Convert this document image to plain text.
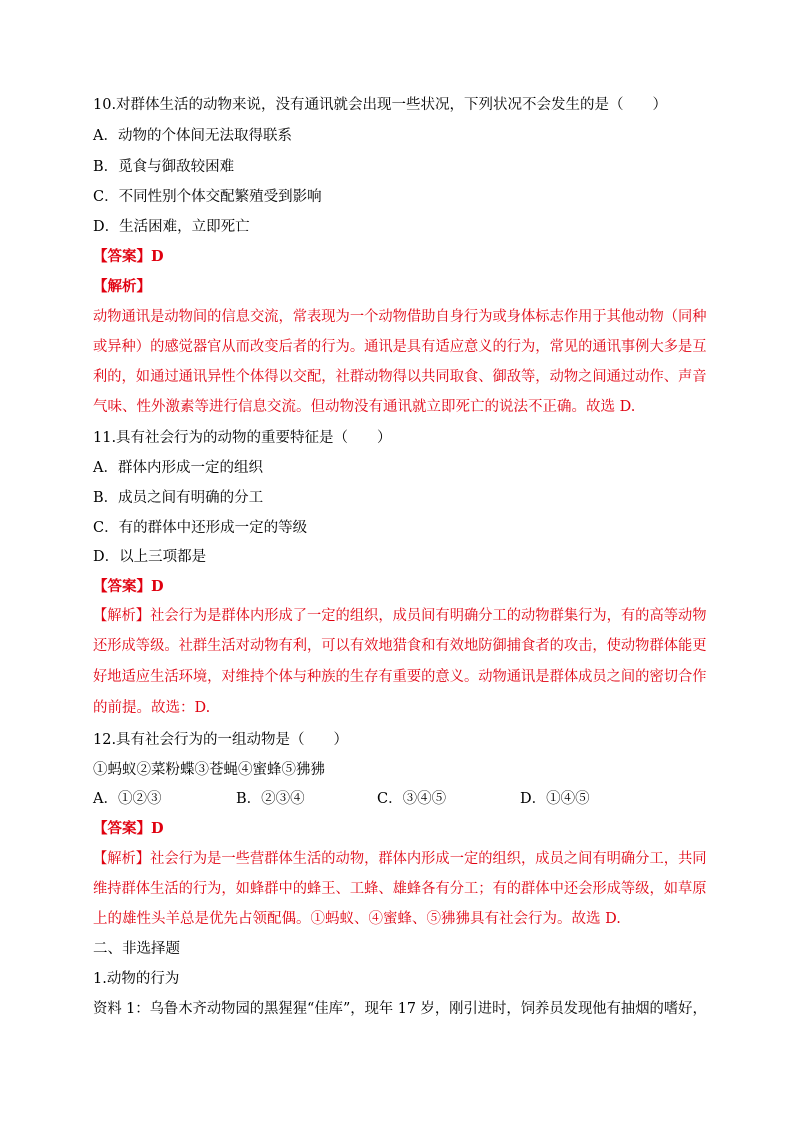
10.对群体生活的动物来说，没有通讯就会出现一些状况，下列状况不会发生的是（　　）
A．动物的个体间无法取得联系
B．觅食与御敌较困难
C．不同性别个体交配繁殖受到影响
D．生活困难，立即死亡
【答案】D
【解析】
动物通讯是动物间的信息交流，常表现为一个动物借助自身行为或身体标志作用于其他动物（同种
或异种）的感觉器官从而改变后者的行为。通讯是具有适应意义的行为，常见的通讯事例大多是互
利的，如通过通讯异性个体得以交配，社群动物得以共同取食、御敌等，动物之间通过动作、声音
气味、性外激素等进行信息交流。但动物没有通讯就立即死亡的说法不正确。故选 D.
11.具有社会行为的动物的重要特征是（　　）
A．群体内形成一定的组织
B．成员之间有明确的分工
C．有的群体中还形成一定的等级
D．以上三项都是
【答案】D
【解析】社会行为是群体内形成了一定的组织，成员间有明确分工的动物群集行为，有的高等动物
还形成等级。社群生活对动物有利，可以有效地猎食和有效地防御捕食者的攻击，使动物群体能更
好地适应生活环境，对维持个体与种族的生存有重要的意义。动物通讯是群体成员之间的密切合作
的前提。故选：D.
12.具有社会行为的一组动物是（　　）
①蚂蚁②菜粉蝶③苍蝇④蜜蜂⑤狒狒
A．①②③	B．②③④	C．③④⑤	D．①④⑤
【答案】D
【解析】社会行为是一些营群体生活的动物，群体内形成一定的组织，成员之间有明确分工，共同
维持群体生活的行为，如蜂群中的蜂王、工蜂、雄蜂各有分工；有的群体中还会形成等级，如草原
上的雄性头羊总是优先占领配偶。①蚂蚁、④蜜蜂、⑤狒狒具有社会行为。故选 D.
二、非选择题
1.动物的行为
资料 1：乌鲁木齐动物园的黑猩猩“佳库”，现年 17 岁，刚引进时，饲养员发现他有抽烟的嗜好，
